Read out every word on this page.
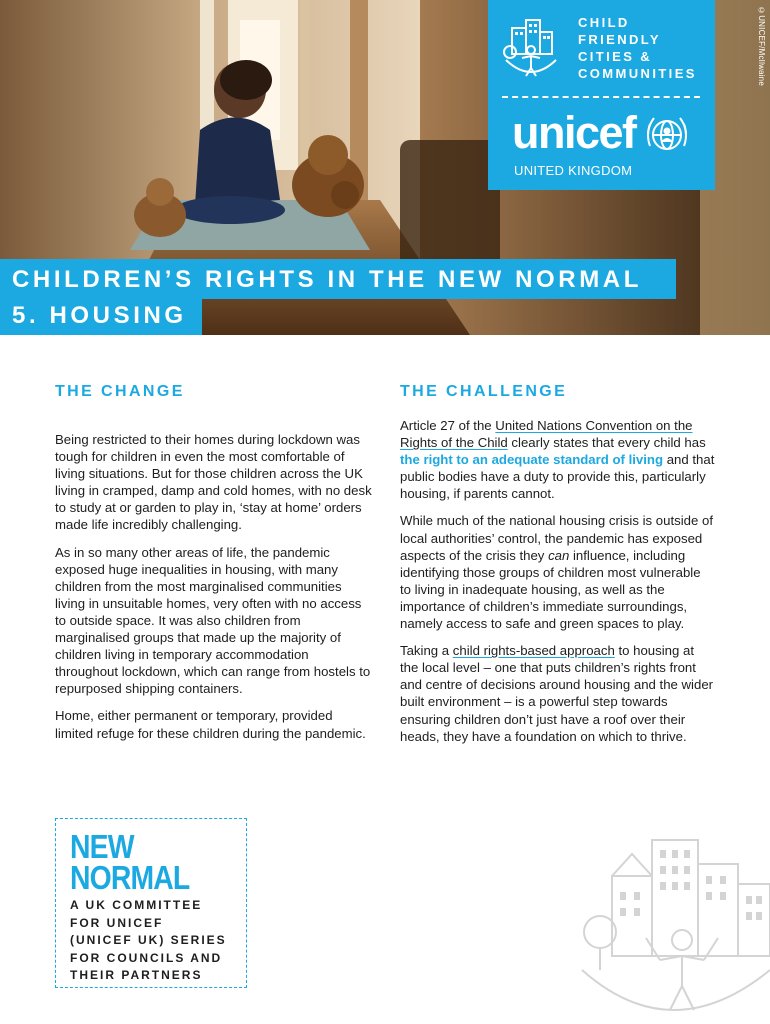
©UNICEF/McIlwaine
CHILD
FRIENDLY
CITIES &
COMMUNITIES
unicef
UNITED KINGDOM
CHILDREN’S RIGHTS IN THE NEW NORMAL
5. HOUSING
THE CHANGE

Being restricted to their homes during lockdown was tough for children in even the most comfortable of living situations. But for those children across the UK living in cramped, damp and cold homes, with no desk to study at or garden to play in, ‘stay at home’ orders made life incredibly challenging.

As in so many other areas of life, the pandemic exposed huge inequalities in housing, with many children from the most marginalised communities living in unsuitable homes, very often with no access to outside space. It was also children from marginalised groups that made up the majority of children living in temporary accommodation throughout lockdown, which can range from hostels to repurposed shipping containers.

Home, either permanent or temporary, provided limited refuge for these children during the pandemic.

THE CHALLENGE

Article 27 of the United Nations Convention on the Rights of the Child clearly states that every child has the right to an adequate standard of living and that public bodies have a duty to provide this, particularly housing, if parents cannot.

While much of the national housing crisis is outside of local authorities’ control, the pandemic has exposed aspects of the crisis they can influence, including identifying those groups of children most vulnerable to living in inadequate housing, as well as the importance of children’s immediate surroundings, namely access to safe and green spaces to play.

Taking a child rights-based approach to housing at the local level – one that puts children’s rights front and centre of decisions around housing and the wider built environment – is a powerful step towards ensuring children don’t just have a roof over their heads, they have a foundation on which to thrive.

NEW
NORMAL
A UK COMMITTEE
FOR UNICEF
(UNICEF UK) SERIES
FOR COUNCILS AND
THEIR PARTNERS
